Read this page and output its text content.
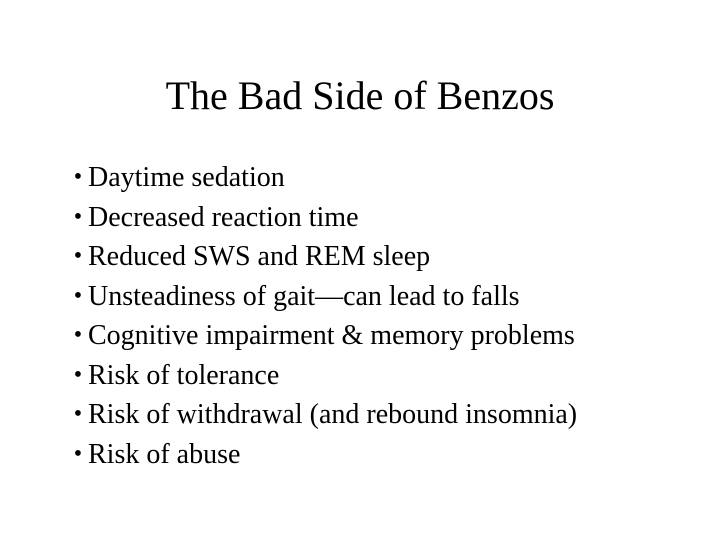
The Bad Side of Benzos
• Daytime sedation
• Decreased reaction time
• Reduced SWS and REM sleep
• Unsteadiness of gait—can lead to falls
• Cognitive impairment & memory problems
• Risk of tolerance
• Risk of withdrawal (and rebound insomnia)
• Risk of abuse
